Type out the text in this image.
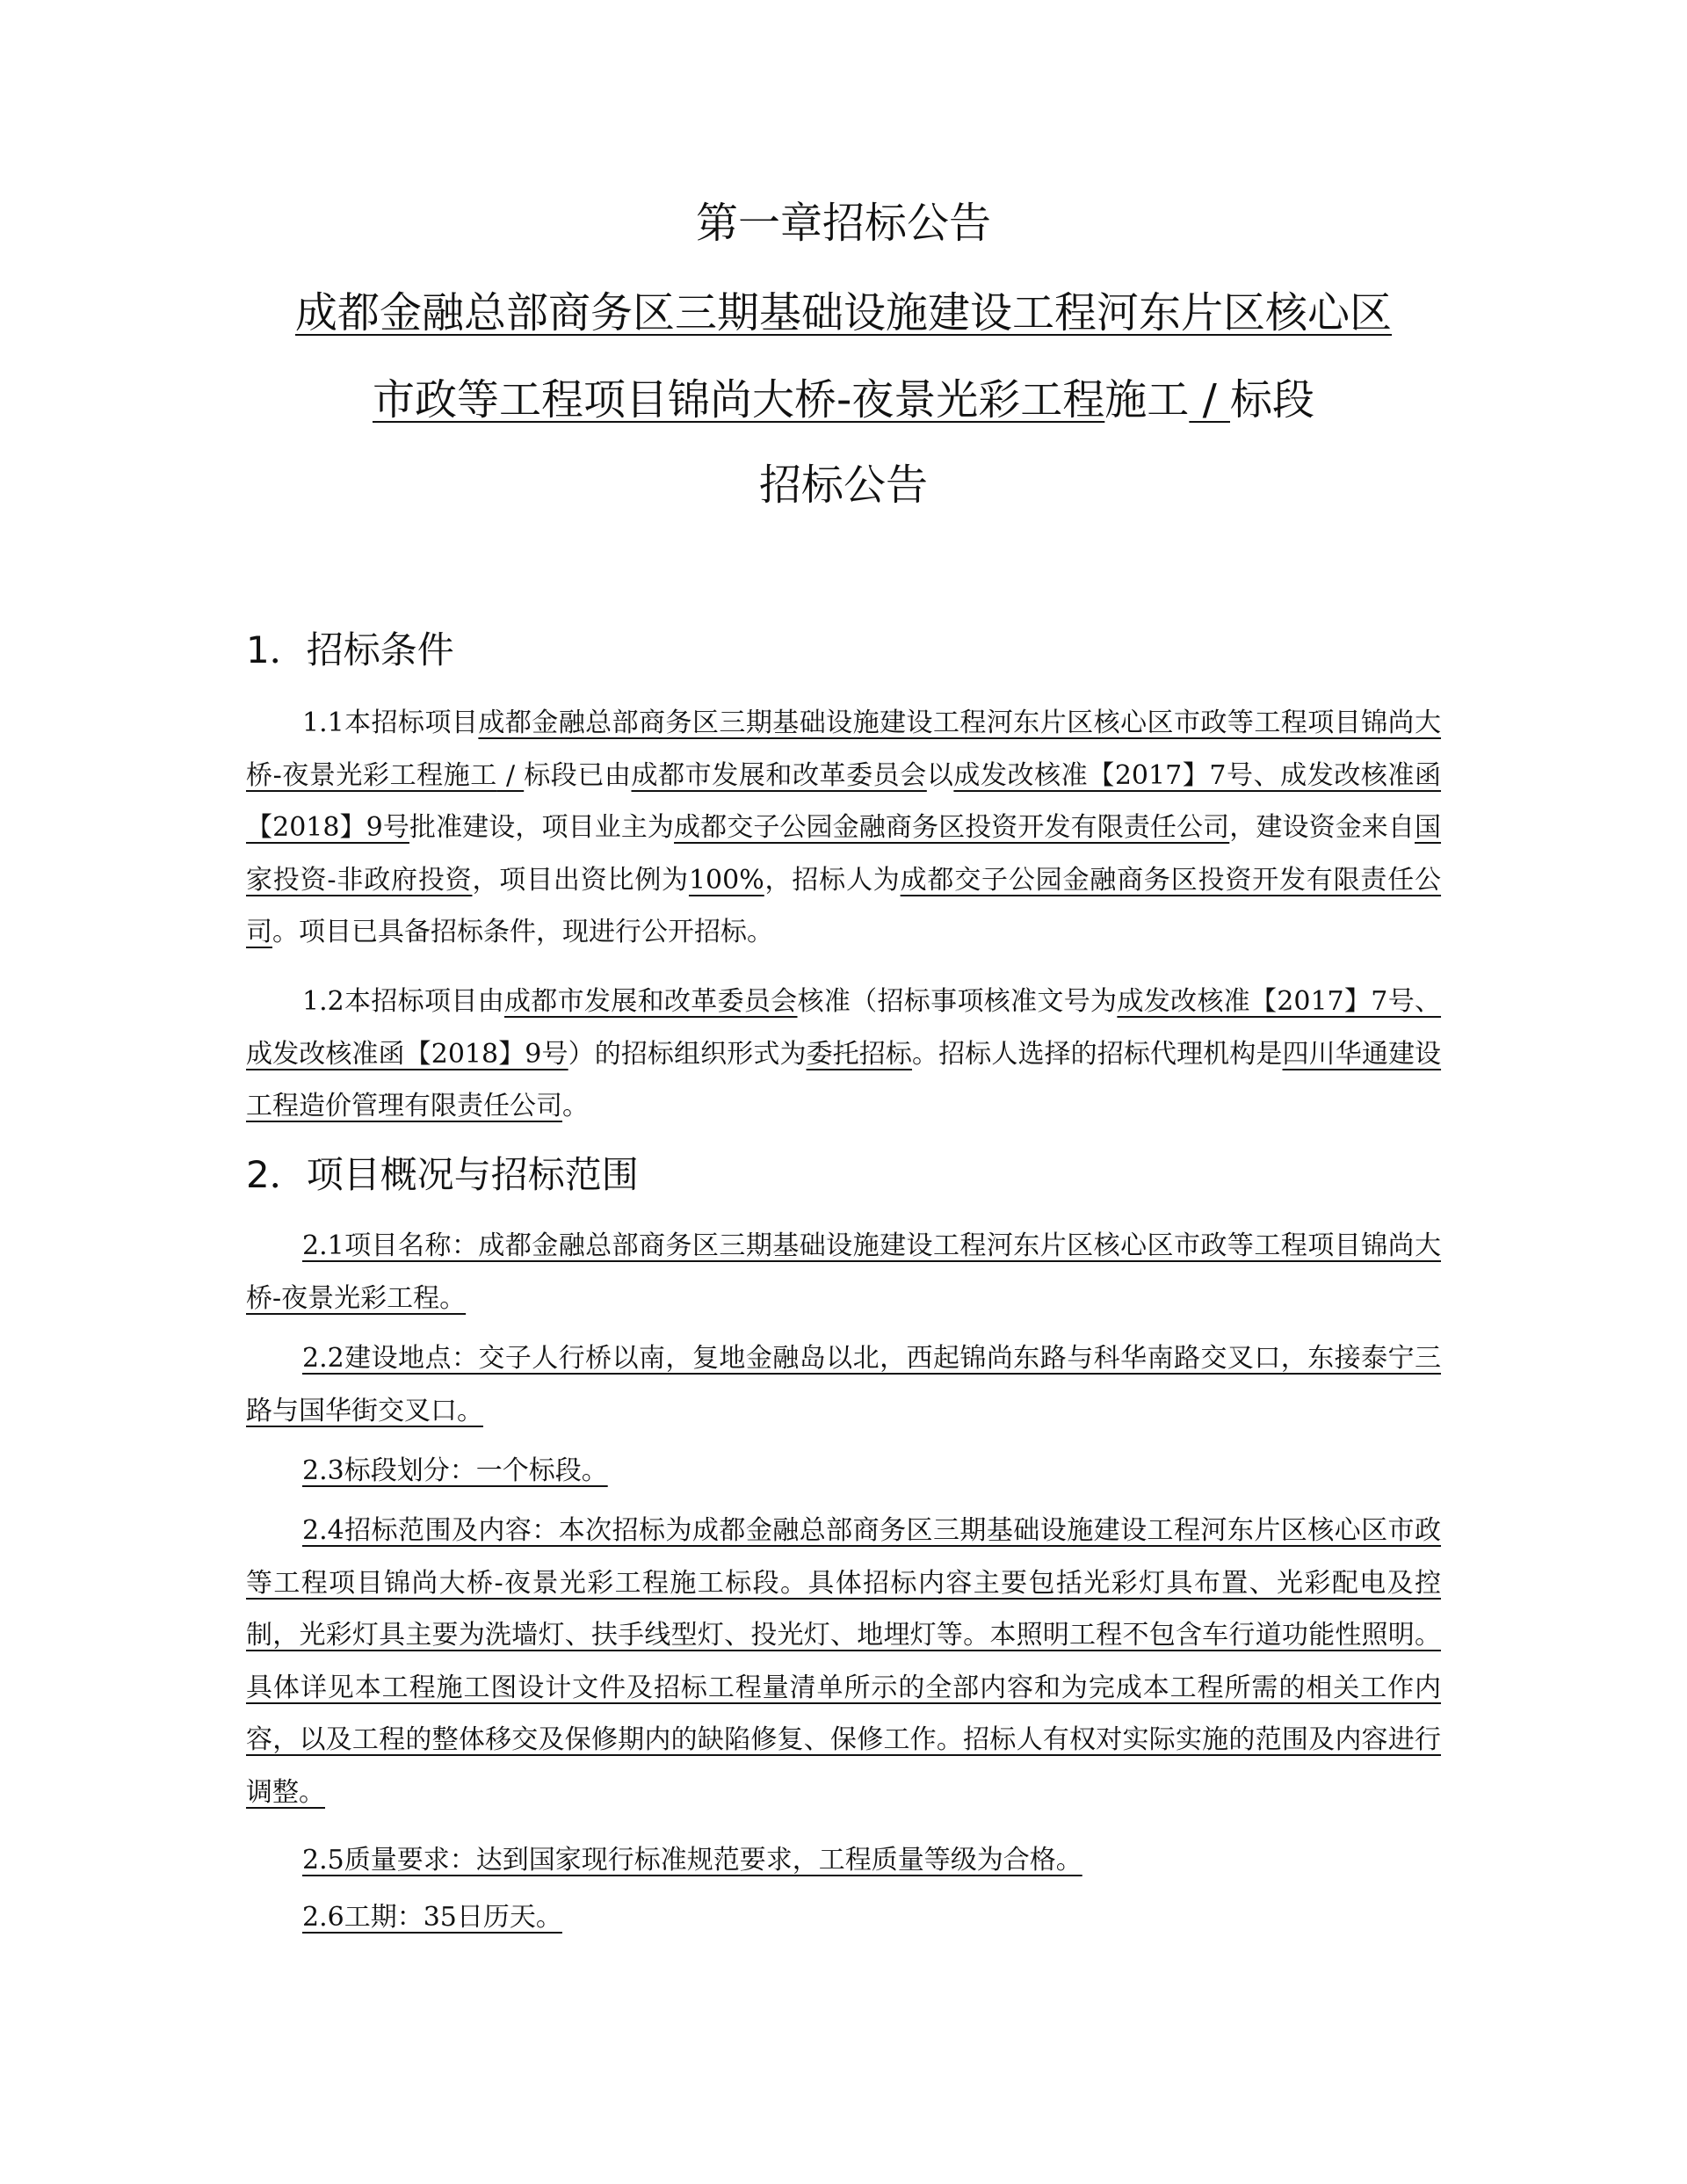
第一章招标公告
成都金融总部商务区三期基础设施建设工程河东片区核心区
市政等工程项目锦尚大桥-夜景光彩工程施工 / 标段
招标公告
1．招标条件

1.1本招标项目成都金融总部商务区三期基础设施建设工程河东片区核心区市政等工程项目锦尚大桥-夜景光彩工程施工 / 标段已由成都市发展和改革委员会以成发改核准【2017】7号、成发改核准函【2018】9号批准建设，项目业主为成都交子公园金融商务区投资开发有限责任公司，建设资金来自国家投资-非政府投资，项目出资比例为100%，招标人为成都交子公园金融商务区投资开发有限责任公司。项目已具备招标条件，现进行公开招标。

1.2本招标项目由成都市发展和改革委员会核准（招标事项核准文号为成发改核准【2017】7号、成发改核准函【2018】9号）的招标组织形式为委托招标。招标人选择的招标代理机构是四川华通建设工程造价管理有限责任公司。

2．项目概况与招标范围

2.1项目名称：成都金融总部商务区三期基础设施建设工程河东片区核心区市政等工程项目锦尚大桥-夜景光彩工程。

2.2建设地点：交子人行桥以南，复地金融岛以北，西起锦尚东路与科华南路交叉口，东接泰宁三路与国华街交叉口。

2.3标段划分：一个标段。

2.4招标范围及内容：本次招标为成都金融总部商务区三期基础设施建设工程河东片区核心区市政等工程项目锦尚大桥-夜景光彩工程施工标段。具体招标内容主要包括光彩灯具布置、光彩配电及控制，光彩灯具主要为洗墙灯、扶手线型灯、投光灯、地埋灯等。本照明工程不包含车行道功能性照明。 具体详见本工程施工图设计文件及招标工程量清单所示的全部内容和为完成本工程所需的相关工作内容，以及工程的整体移交及保修期内的缺陷修复、保修工作。招标人有权对实际实施的范围及内容进行调整。

2.5质量要求：达到国家现行标准规范要求，工程质量等级为合格。

2.6工期：35日历天。
